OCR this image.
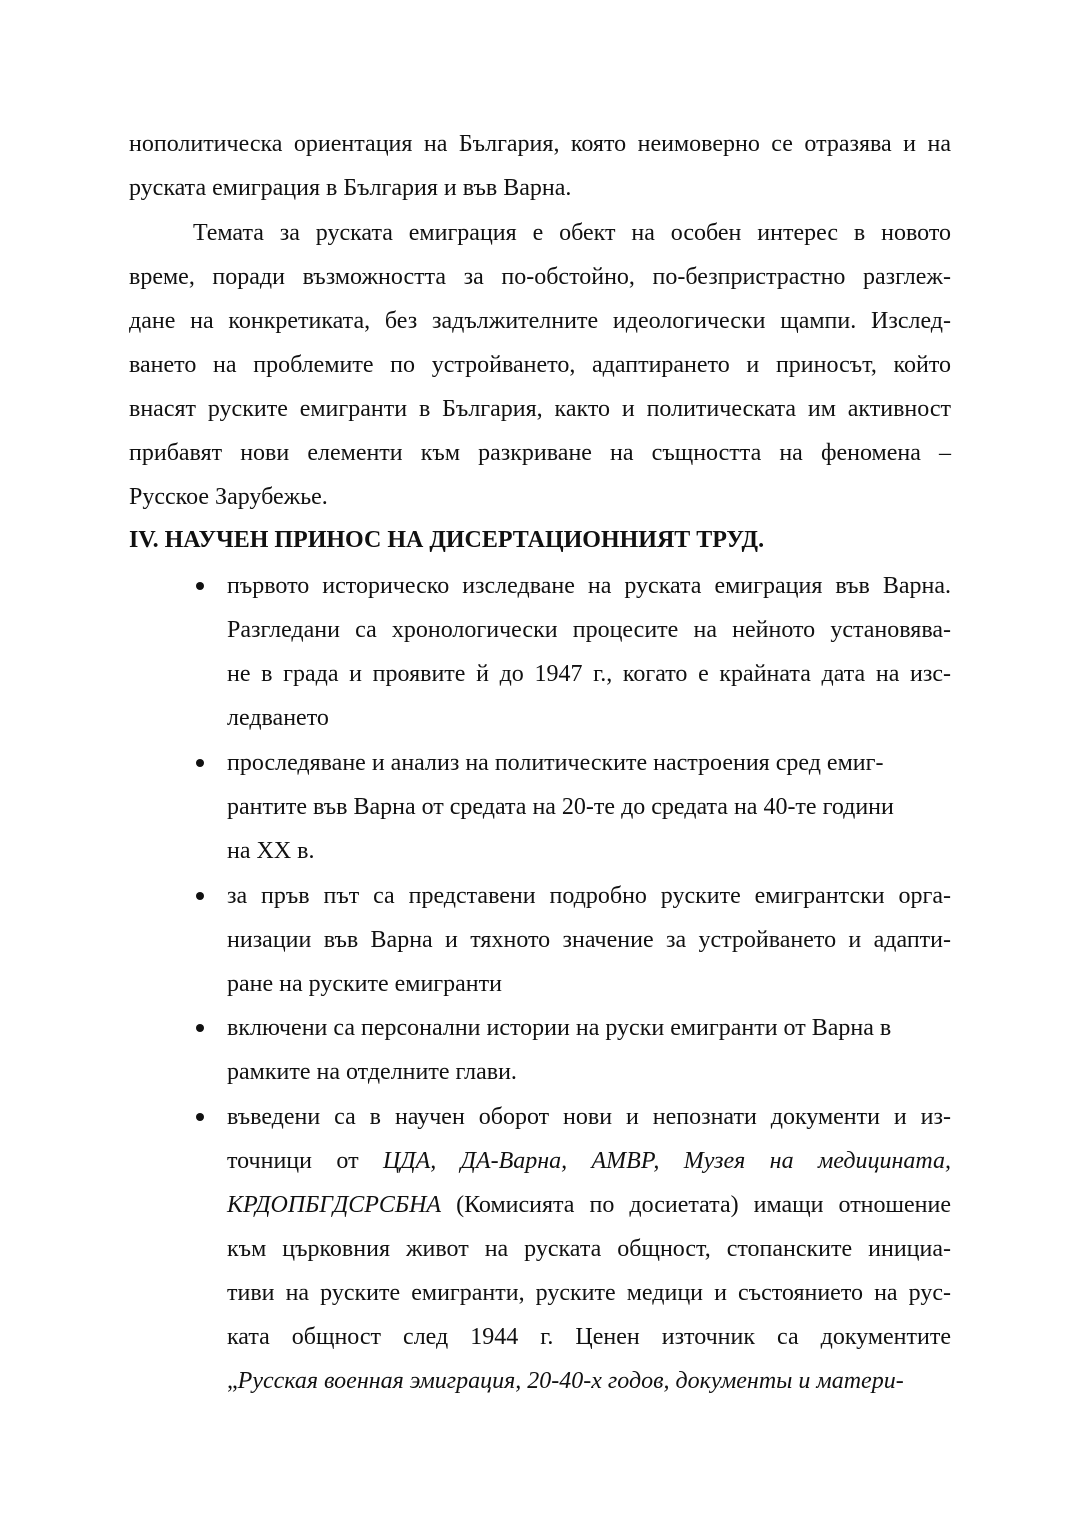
нополитическа ориентация на България, която неимоверно се отразява и на
руската емиграция в България и във Варна.
Темата за руската емиграция е обект на особен интерес в новото
време, поради възможността за по-обстойно, по-безпристрастно разглеж-
дане на конкретиката, без задължителните идеологически щампи. Изслед-
ването на проблемите по устройването, адаптирането и приносът, който
внасят руските емигранти в България, както и политическата им активност
прибавят нови елементи към разкриване на същността на феномена –
Русское Зарубежье.
IV. НАУЧЕН ПРИНОС НА ДИСЕРТАЦИОННИЯТ ТРУД.
първото историческо изследване на руската емиграция във Варна.
Разгледани са хронологически процесите на нейното установява-
не в града и проявите й до 1947 г., когато е крайната дата на изс-
ледването
проследяване и анализ на политическите настроения сред емиг-
рантите във Варна от средата на 20-те до средата на 40-те години
на XX в.
за пръв път са представени подробно руските емигрантски орга-
низации във Варна и тяхното значение за устройването и адапти-
ране на руските емигранти
включени са персонални истории на руски емигранти от Варна в
рамките на отделните глави.
въведени са в научен оборот нови и непознати документи и из-
точници от ЦДА, ДА-Варна, АМВР, Музея на медицината,
КРДОПБГДСРСБНА (Комисията по досиетата) имащи отношение
към църковния живот на руската общност, стопанските инициа-
тиви на руските емигранти, руските медици и състоянието на рус-
ката общност след 1944 г. Ценен източник са документите
„Русская военная эмиграция, 20-40-х годов, документы и матери-
